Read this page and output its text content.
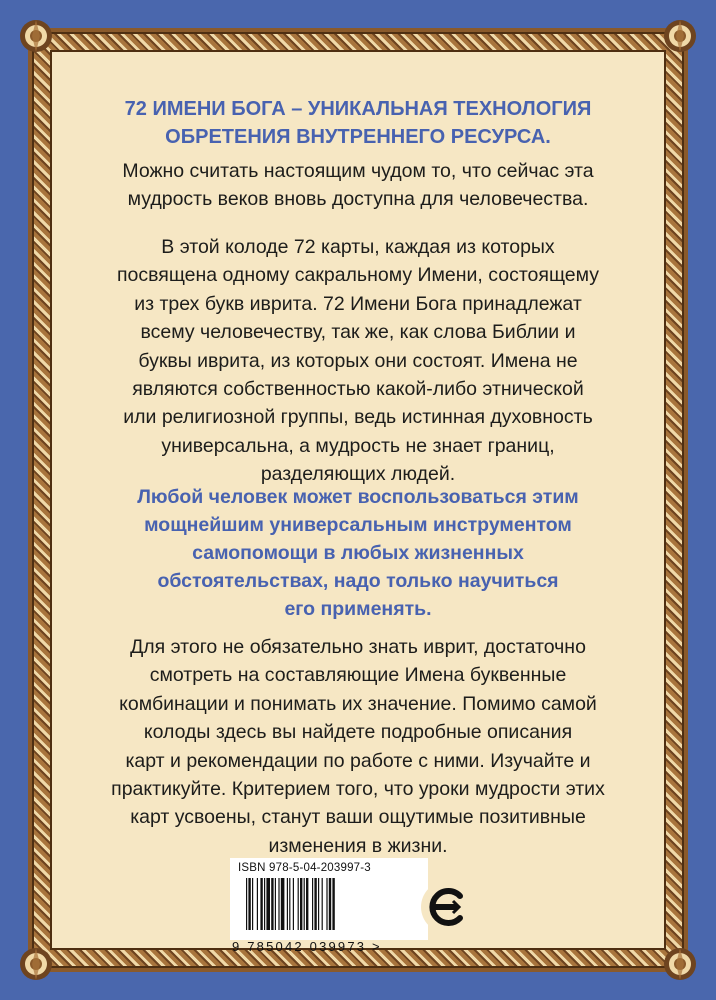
72 ИМЕНИ БОГА – УНИКАЛЬНАЯ ТЕХНОЛОГИЯ
ОБРЕТЕНИЯ ВНУТРЕННЕГО РЕСУРСА.
Можно считать настоящим чудом то, что сейчас эта
мудрость веков вновь доступна для человечества.
В этой колоде 72 карты, каждая из которых
посвящена одному сакральному Имени, состоящему
из трех букв иврита. 72 Имени Бога принадлежат
всему человечеству, так же, как слова Библии и
буквы иврита, из которых они состоят. Имена не
являются собственностью какой-либо этнической
или религиозной группы, ведь истинная духовность
универсальна, а мудрость не знает границ,
разделяющих людей.
Любой человек может воспользоваться этим
мощнейшим универсальным инструментом
самопомощи в любых жизненных
обстоятельствах, надо только научиться
его применять.
Для этого не обязательно знать иврит, достаточно
смотреть на составляющие Имена буквенные
комбинации и понимать их значение. Помимо самой
колоды здесь вы найдете подробные описания
карт и рекомендации по работе с ними. Изучайте и
практикуйте. Критерием того, что уроки мудрости этих
карт усвоены, станут ваши ощутимые позитивные
изменения в жизни.
ISBN 978-5-04-203997-3
9 785042 039973 >
